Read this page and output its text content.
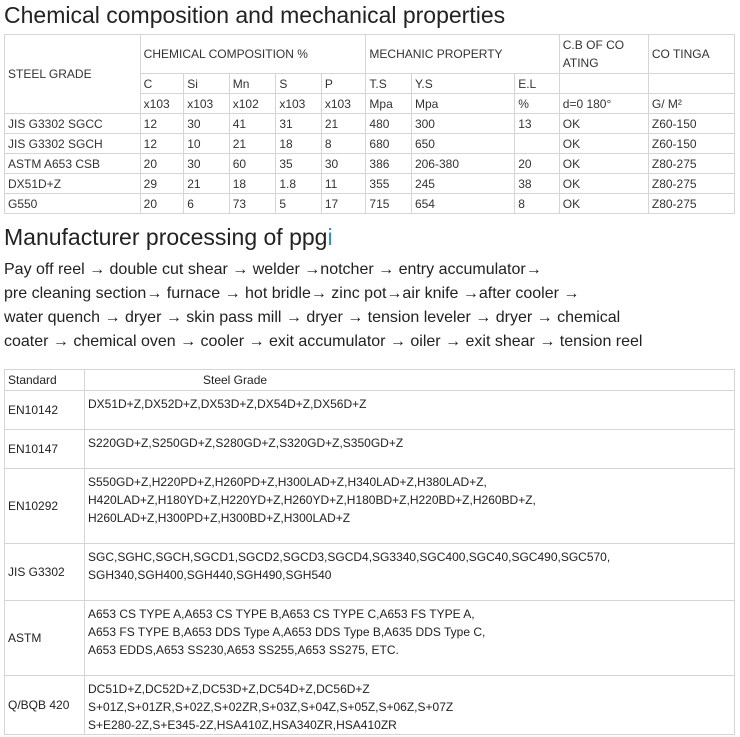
Chemical composition and mechanical properties
STEEL GRADE	CHEMICAL COMPOSITION %					MECHANIC PROPERTY			C.B OF CO ATING	CO TINGA
	C	Si	Mn	S	P	T.S	Y.S	E.L		
	x103	x103	x102	x103	x103	Mpa	Mpa	%	d=0 180°	G/ M²
JIS G3302 SGCC	12	30	41	31	21	480	300	13	OK	Z60-150
JIS G3302 SGCH	12	10	21	18	8	680	650		OK	Z60-150
ASTM A653 CSB	20	30	60	35	30	386	206-380	20	OK	Z80-275
DX51D+Z	29	21	18	1.8	11	355	245	38	OK	Z80-275
G550	20	6	73	5	17	715	654	8	OK	Z80-275
Manufacturer processing of ppgi
Pay off reel → double cut shear → welder →notcher → entry accumulator→
pre cleaning section→ furnace → hot bridle→ zinc pot→air knife →after cooler →
water quench → dryer → skin pass mill → dryer → tension leveler → dryer → chemical
coater → chemical oven → cooler → exit accumulator → oiler → exit shear → tension reel
Standard	Steel Grade
EN10142	DX51D+Z,DX52D+Z,DX53D+Z,DX54D+Z,DX56D+Z

EN10147	S220GD+Z,S250GD+Z,S280GD+Z,S320GD+Z,S350GD+Z

EN10292	S550GD+Z,H220PD+Z,H260PD+Z,H300LAD+Z,H340LAD+Z,H380LAD+Z,
H420LAD+Z,H180YD+Z,H220YD+Z,H260YD+Z,H180BD+Z,H220BD+Z,H260BD+Z,
H260LAD+Z,H300PD+Z,H300BD+Z,H300LAD+Z

JIS G3302	SGC,SGHC,SGCH,SGCD1,SGCD2,SGCD3,SGCD4,SG3340,SGC400,SGC40,SGC490,SGC570,
SGH340,SGH400,SGH440,SGH490,SGH540

ASTM	A653 CS TYPE A,A653 CS TYPE B,A653 CS TYPE C,A653 FS TYPE A,
A653 FS TYPE B,A653 DDS Type A,A653 DDS Type B,A635 DDS Type C,
A653 EDDS,A653 SS230,A653 SS255,A653 SS275, ETC.

Q/BQB 420	DC51D+Z,DC52D+Z,DC53D+Z,DC54D+Z,DC56D+Z
S+01Z,S+01ZR,S+02Z,S+02ZR,S+03Z,S+04Z,S+05Z,S+06Z,S+07Z
S+E280-2Z,S+E345-2Z,HSA410Z,HSA340ZR,HSA410ZR
